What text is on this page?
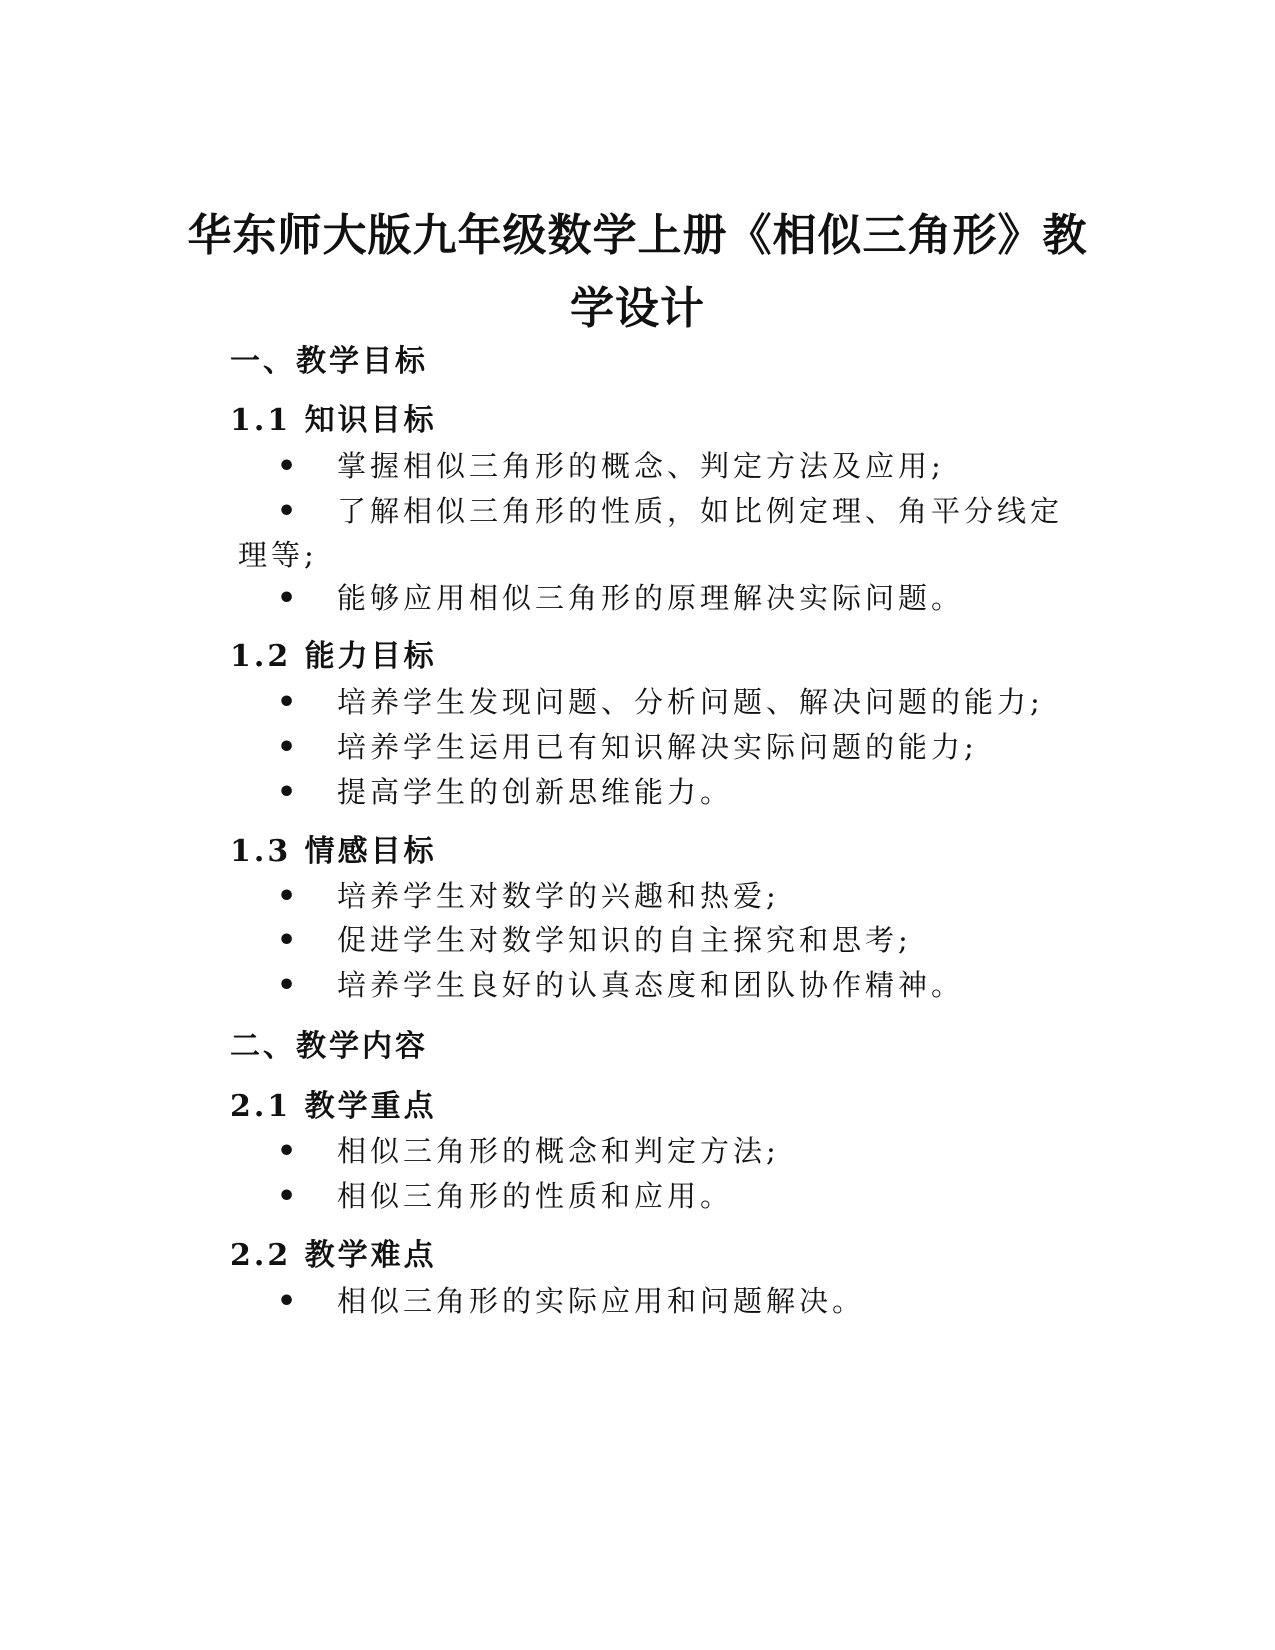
华东师大版九年级数学上册《相似三角形》教
学设计
一、教学目标
1.1 知识目标
• 掌握相似三角形的概念、判定方法及应用;
• 了解相似三角形的性质，如比例定理、角平分线定
理等;
• 能够应用相似三角形的原理解决实际问题。
1.2 能力目标
• 培养学生发现问题、分析问题、解决问题的能力;
• 培养学生运用已有知识解决实际问题的能力;
• 提高学生的创新思维能力。
1.3 情感目标
• 培养学生对数学的兴趣和热爱;
• 促进学生对数学知识的自主探究和思考;
• 培养学生良好的认真态度和团队协作精神。
二、教学内容
2.1 教学重点
• 相似三角形的概念和判定方法;
• 相似三角形的性质和应用。
2.2 教学难点
• 相似三角形的实际应用和问题解决。
